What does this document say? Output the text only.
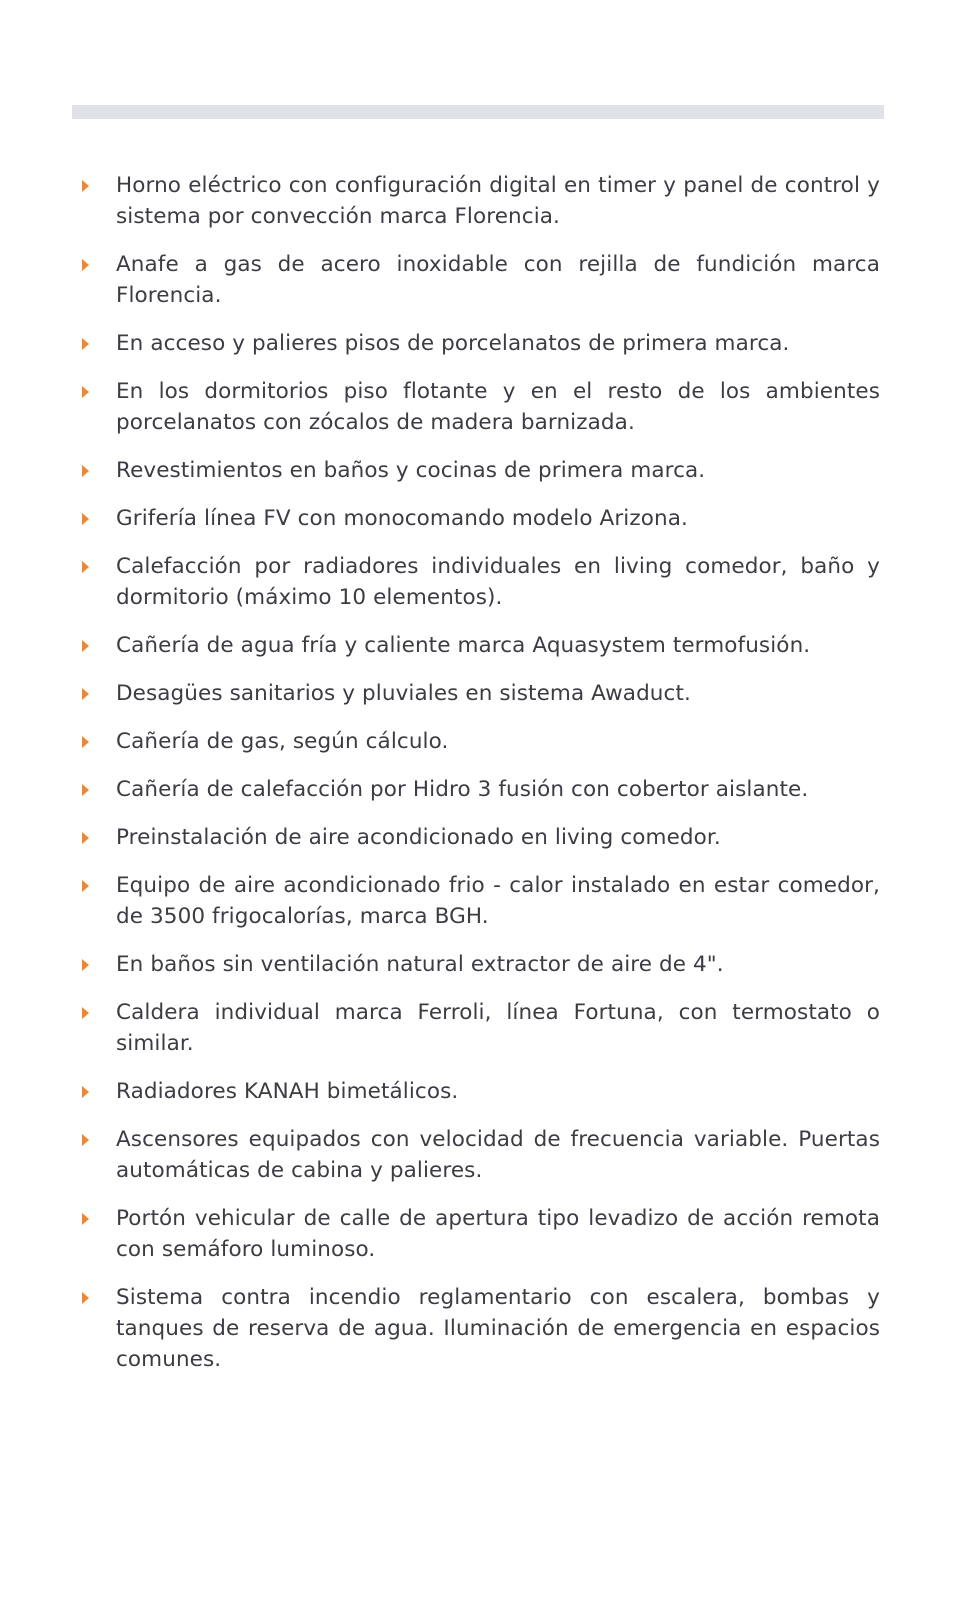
Horno eléctrico con configuración digital en timer y panel de control y sistema por convección marca Florencia.
Anafe a gas de acero inoxidable con rejilla de fundición marca Florencia.
En acceso y palieres pisos de porcelanatos de primera marca.
En los dormitorios piso flotante y en el resto de los ambientes porcelanatos con zócalos de madera barnizada.
Revestimientos en baños y cocinas de primera marca.
Grifería línea FV con monocomando modelo Arizona.
Calefacción por radiadores individuales en living comedor, baño y dormitorio (máximo 10 elementos).
Cañería de agua fría y caliente marca Aquasystem termofusión.
Desagües sanitarios y pluviales en sistema Awaduct.
Cañería de gas, según cálculo.
Cañería de calefacción por Hidro 3 fusión con cobertor aislante.
Preinstalación de aire acondicionado en living comedor.
Equipo de aire acondicionado frio - calor instalado en estar comedor, de 3500 frigocalorías, marca BGH.
En baños sin ventilación natural extractor de aire de 4".
Caldera individual marca Ferroli, línea Fortuna, con termostato o similar.
Radiadores KANAH bimetálicos.
Ascensores equipados con velocidad de frecuencia variable. Puertas automáticas de cabina y palieres.
Portón vehicular de calle de apertura tipo levadizo de acción remota con semáforo luminoso.
Sistema contra incendio reglamentario con escalera, bombas y tanques de reserva de agua. Iluminación de emergencia en espacios comunes.
